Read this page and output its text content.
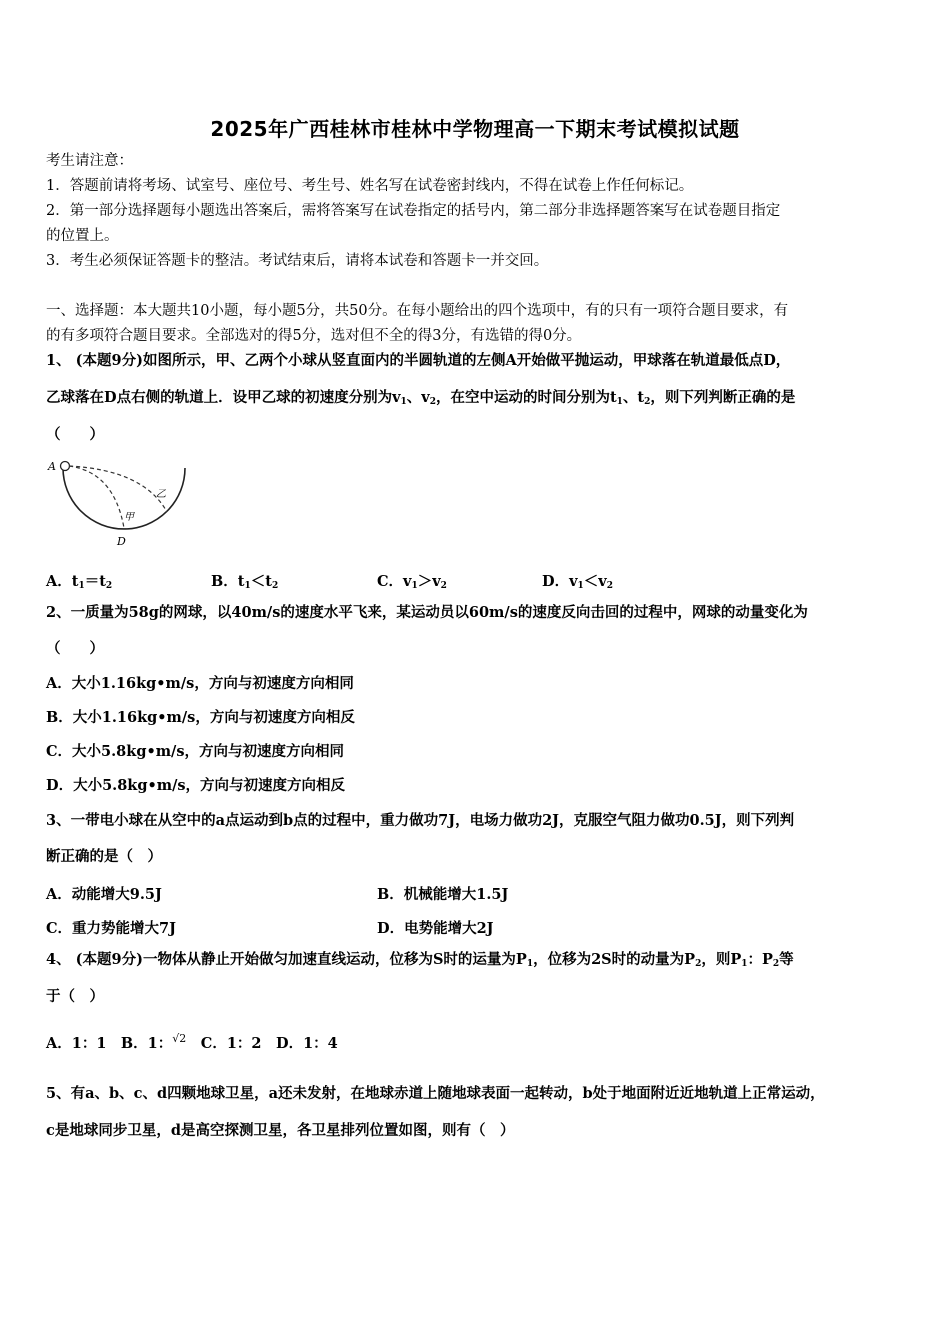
2025年广西桂林市桂林中学物理高一下期末考试模拟试题
考生请注意：
1．答题前请将考场、试室号、座位号、考生号、姓名写在试卷密封线内，不得在试卷上作任何标记。
2．第一部分选择题每小题选出答案后，需将答案写在试卷指定的括号内，第二部分非选择题答案写在试卷题目指定
的位置上。
3．考生必须保证答题卡的整洁。考试结束后，请将本试卷和答题卡一并交回。
一、选择题：本大题共10小题，每小题5分，共50分。在每小题给出的四个选项中，有的只有一项符合题目要求，有
的有多项符合题目要求。全部选对的得5分，选对但不全的得3分，有选错的得0分。
1、 (本题9分)如图所示，甲、乙两个小球从竖直面内的半圆轨道的左侧A开始做平抛运动，甲球落在轨道最低点D，
乙球落在D点右侧的轨道上．设甲乙球的初速度分别为$v_1$、$v_2$，在空中运动的时间分别为$t_1$、$t_2$，则下列判断正确的是
（　　）
A
甲
乙
D
A．$t_1=t_2$	B．$t_1<t_2$	C．$v_1>v_2$	D．$v_1<v_2$
2、一质量为58g的网球，以40m/s的速度水平飞来，某运动员以60m/s的速度反向击回的过程中，网球的动量变化为
（　　）
A．大小1.16kg•m/s，方向与初速度方向相同
B．大小1.16kg•m/s，方向与初速度方向相反
C．大小5.8kg•m/s，方向与初速度方向相同
D．大小5.8kg•m/s，方向与初速度方向相反
3、一带电小球在从空中的a点运动到b点的过程中，重力做功7J，电场力做功2J，克服空气阻力做功0.5J，则下列判
断正确的是（　）
A．动能增大9.5J	B．机械能增大1.5J
C．重力势能增大7J	D．电势能增大2J
4、 (本题9分)一物体从静止开始做匀加速直线运动，位移为S时的运量为$P_1$，位移为2S时的动量为$P_2$，则$P_1$：$P_2$等
于（　）
A．1：1　B．1：$^{√2}$　C．1：2　D．1：4
5、有a、b、c、d四颗地球卫星，a还未发射，在地球赤道上随地球表面一起转动，b处于地面附近近地轨道上正常运动，
c是地球同步卫星，d是高空探测卫星，各卫星排列位置如图，则有（　）
